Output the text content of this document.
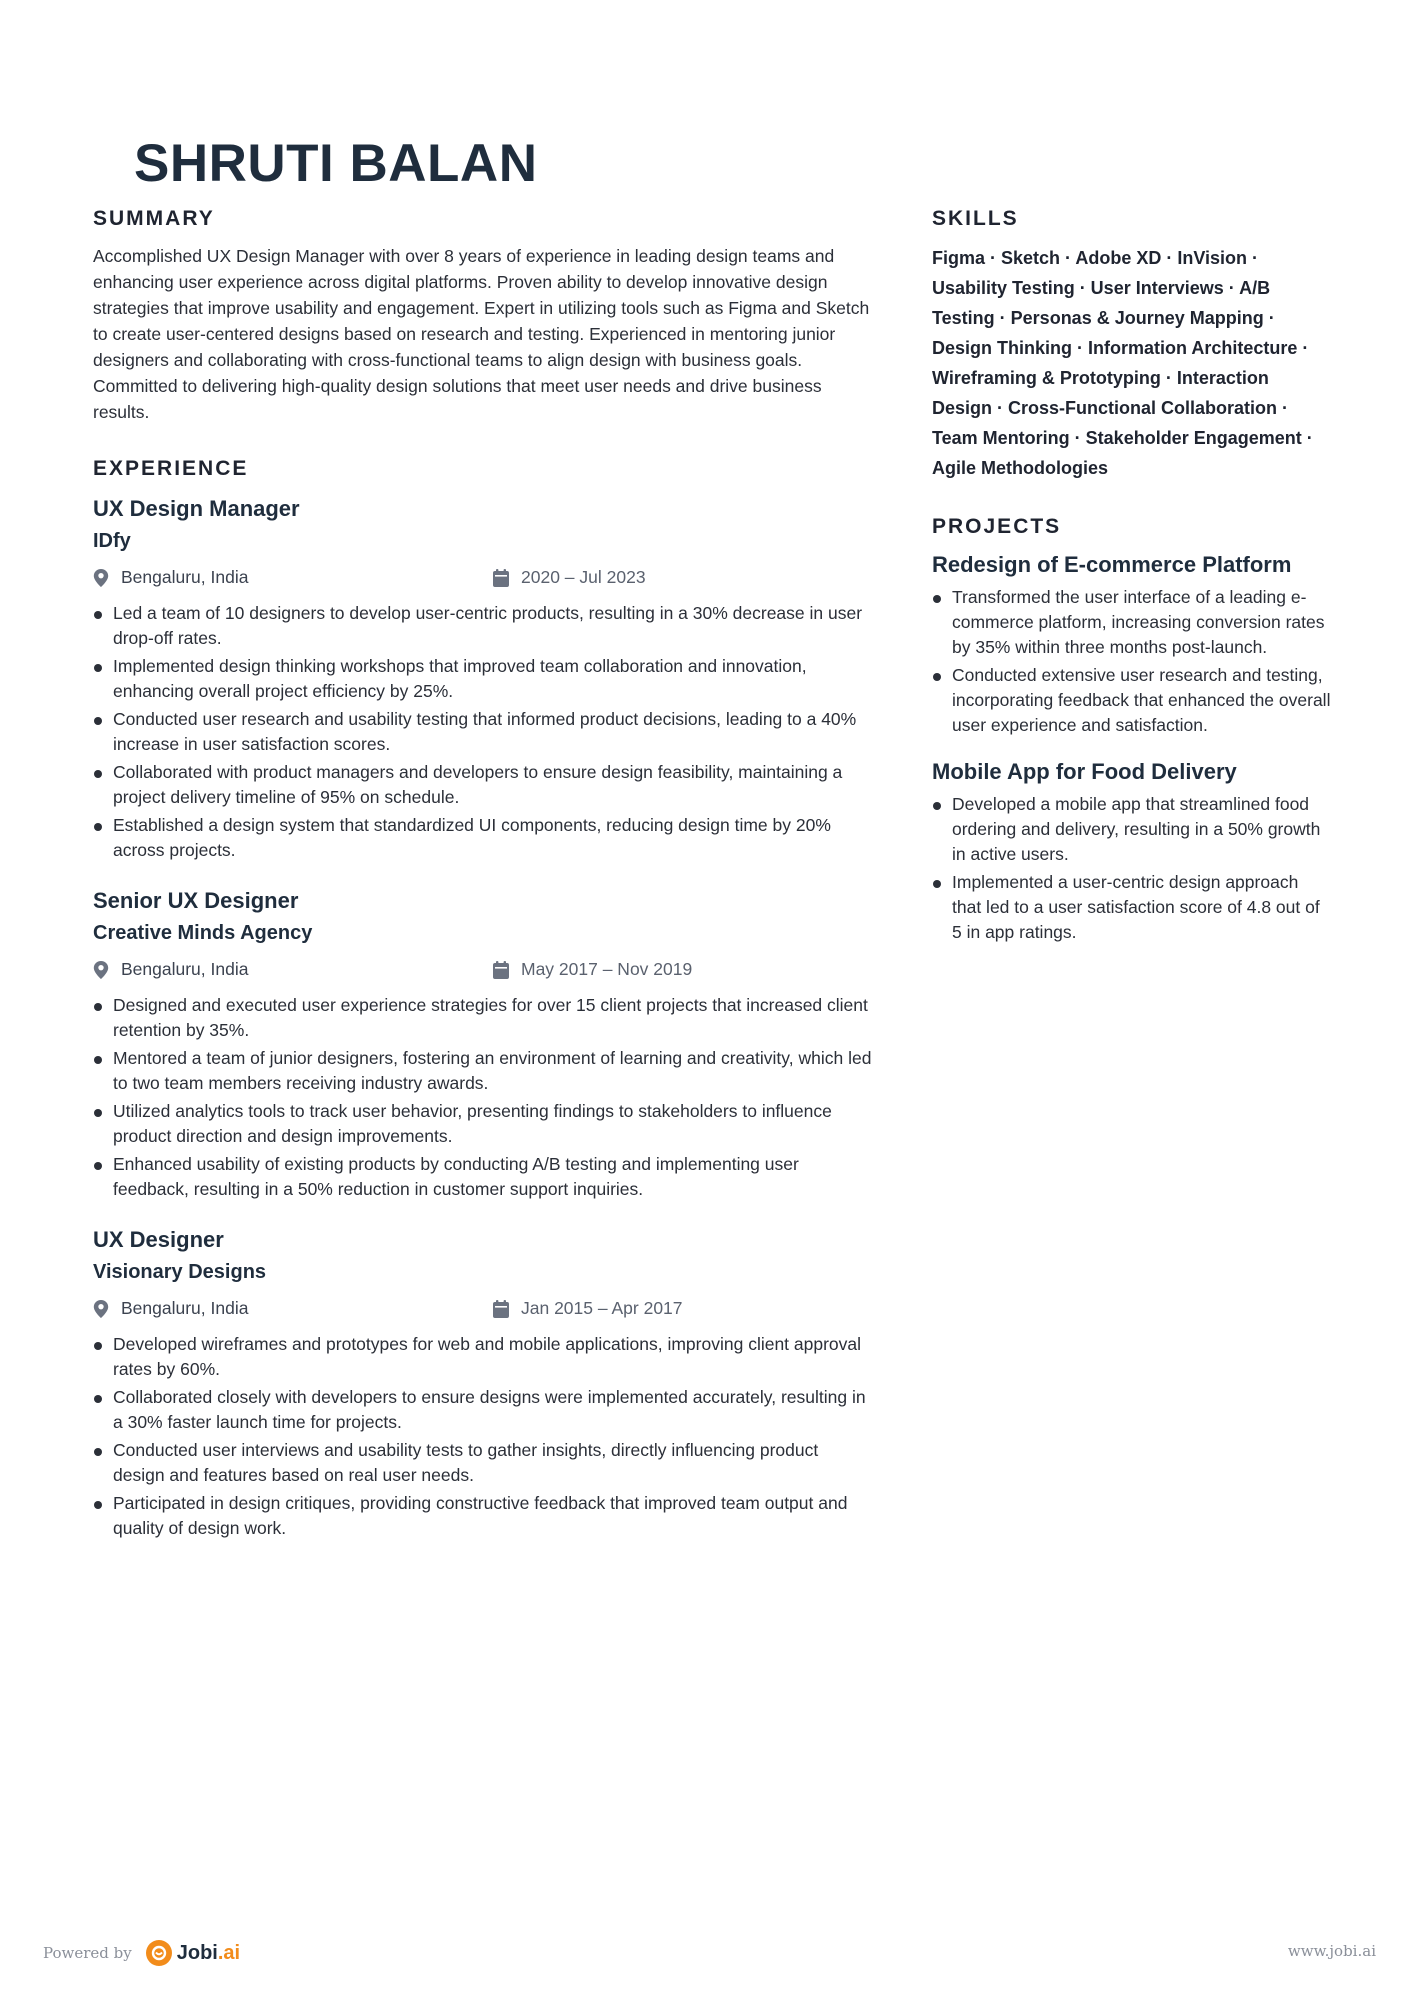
SHRUTI BALAN
SUMMARY

Accomplished UX Design Manager with over 8 years of experience in leading design teams and enhancing user experience across digital platforms. Proven ability to develop innovative design strategies that improve usability and engagement. Expert in utilizing tools such as Figma and Sketch to create user-centered designs based on research and testing. Experienced in mentoring junior designers and collaborating with cross-functional teams to align design with business goals. Committed to delivering high-quality design solutions that meet user needs and drive business results.

EXPERIENCE
UX Design Manager
IDfy
Bengaluru, India	2020 – Jul 2023
Led a team of 10 designers to develop user-centric products, resulting in a 30% decrease in user drop-off rates.
Implemented design thinking workshops that improved team collaboration and innovation, enhancing overall project efficiency by 25%.
Conducted user research and usability testing that informed product decisions, leading to a 40% increase in user satisfaction scores.
Collaborated with product managers and developers to ensure design feasibility, maintaining a project delivery timeline of 95% on schedule.
Established a design system that standardized UI components, reducing design time by 20% across projects.
Senior UX Designer
Creative Minds Agency
Bengaluru, India	May 2017 – Nov 2019
Designed and executed user experience strategies for over 15 client projects that increased client retention by 35%.
Mentored a team of junior designers, fostering an environment of learning and creativity, which led to two team members receiving industry awards.
Utilized analytics tools to track user behavior, presenting findings to stakeholders to influence product direction and design improvements.
Enhanced usability of existing products by conducting A/B testing and implementing user feedback, resulting in a 50% reduction in customer support inquiries.
UX Designer
Visionary Designs
Bengaluru, India	Jan 2015 – Apr 2017
Developed wireframes and prototypes for web and mobile applications, improving client approval rates by 60%.
Collaborated closely with developers to ensure designs were implemented accurately, resulting in a 30% faster launch time for projects.
Conducted user interviews and usability tests to gather insights, directly influencing product design and features based on real user needs.
Participated in design critiques, providing constructive feedback that improved team output and quality of design work.
SKILLS

Figma · Sketch · Adobe XD · InVision · Usability Testing · User Interviews · A/B Testing · Personas & Journey Mapping · Design Thinking · Information Architecture · Wireframing & Prototyping · Interaction Design · Cross-Functional Collaboration · Team Mentoring · Stakeholder Engagement · Agile Methodologies

PROJECTS
Redesign of E-commerce Platform
Transformed the user interface of a leading e-commerce platform, increasing conversion rates by 35% within three months post-launch.
Conducted extensive user research and testing, incorporating feedback that enhanced the overall user experience and satisfaction.
Mobile App for Food Delivery
Developed a mobile app that streamlined food ordering and delivery, resulting in a 50% growth in active users.
Implemented a user-centric design approach that led to a user satisfaction score of 4.8 out of 5 in app ratings.
Powered by Jobi.ai	www.jobi.ai
